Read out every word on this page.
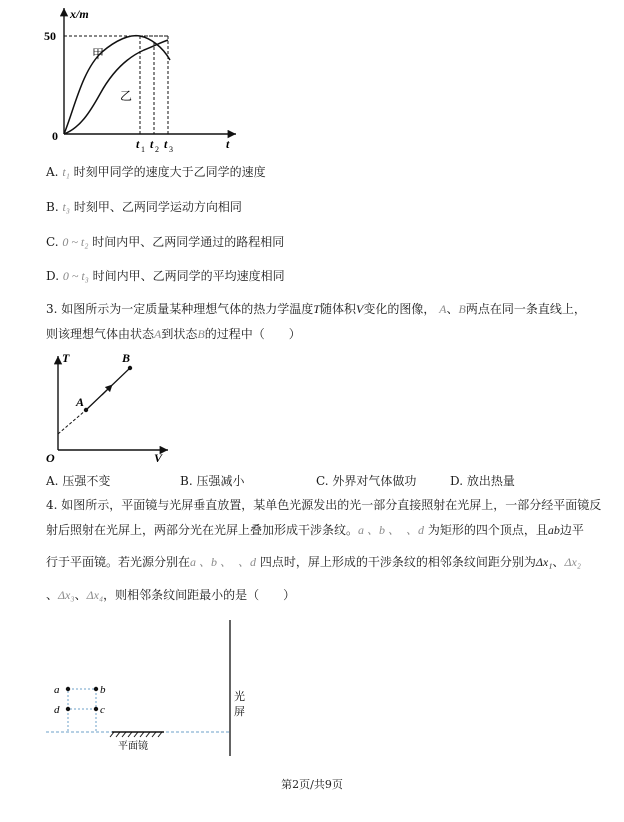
x/m
t
0
50
甲
乙
t 1 t 2 t 3
A. t₁ 时刻甲同学的速度大于乙同学的速度
B. t₃ 时刻甲、乙两同学运动方向相同
C. 0 ~ t₂ 时间内甲、乙两同学通过的路程相同
D. 0 ~ t₃ 时间内甲、乙两同学的平均速度相同
3. 如图所示为一定质量某种理想气体的热力学温度T随体积V变化的图像， A、B两点在同一条直线上，
则该理想气体由状态A到状态B的过程中（　　）
T
V
O
A
B
A. 压强不变	B. 压强减小	C. 外界对气体做功	D. 放出热量
4. 如图所示，平面镜与光屏垂直放置，某单色光源发出的光一部分直接照射在光屏上，一部分经平面镜反
射后照射在光屏上，两部分光在光屏上叠加形成干涉条纹。a 、b 、　、d 为矩形的四个顶点，且ab边平
行于平面镜。若光源分别在a 、b 、　、d 四点时，屏上形成的干涉条纹的相邻条纹间距分别为Δx₁、Δx₂
、Δx₃、Δx₄，则相邻条纹间距最小的是（　　）
a	b
c
d
光
屏
平面镜
第2页/共9页
